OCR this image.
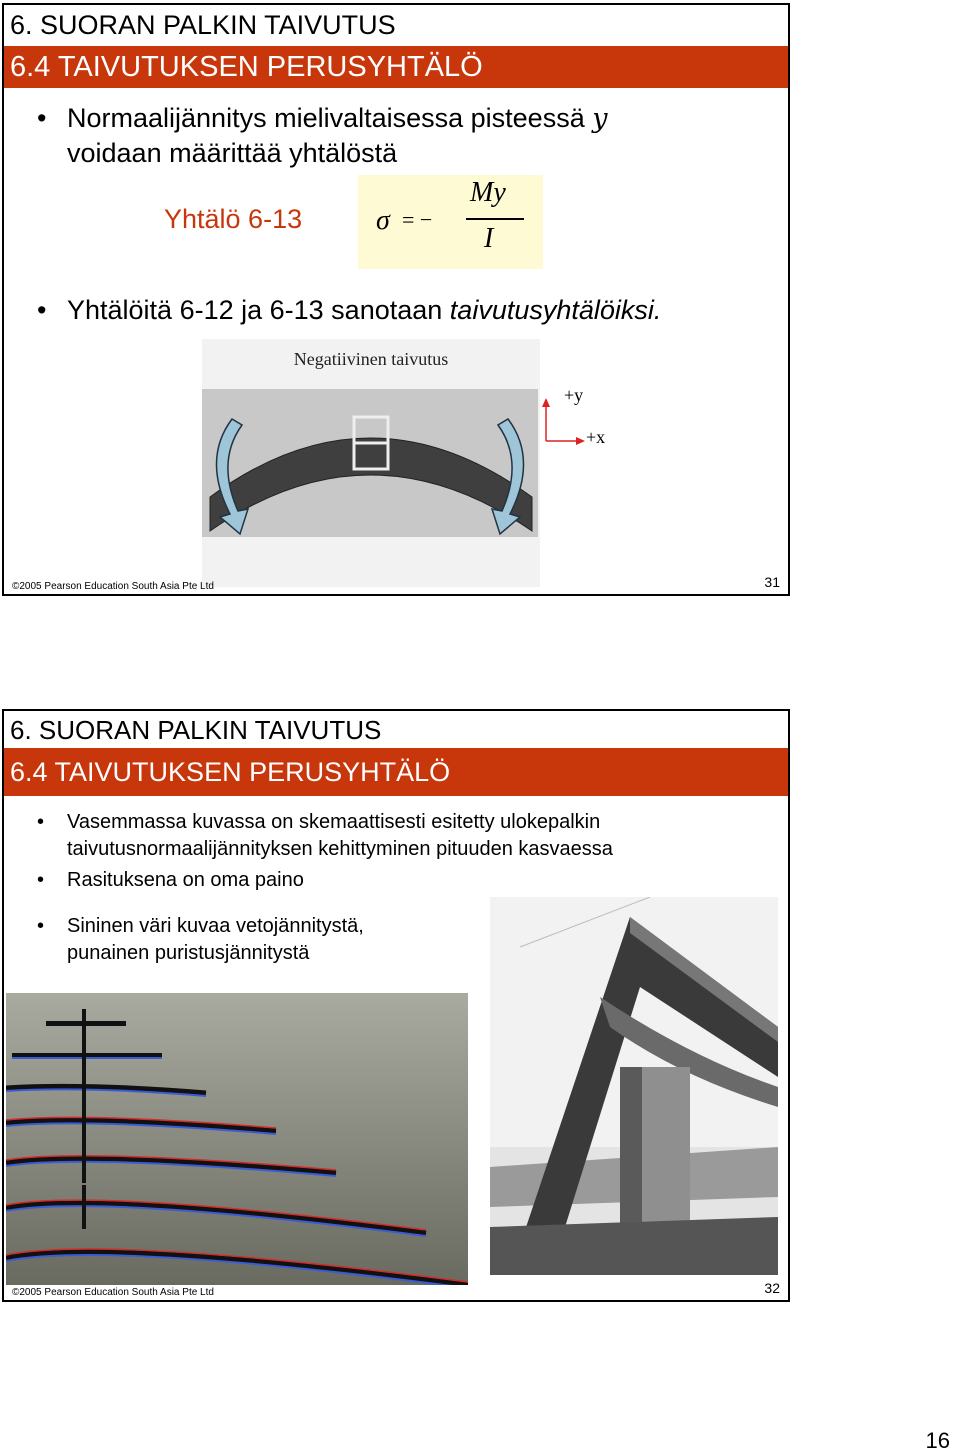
6. SUORAN PALKIN TAIVUTUS
6.4 TAIVUTUKSEN PERUSYHTÄLÖ
• Normaalijännitys mielivaltaisessa pisteessä y
voidaan määrittää yhtälöstä
Yhtälö 6-13	σ = −
My
I
• Yhtälöitä 6-12 ja 6-13 sanotaan taivutusyhtälöiksi.
Negatiivinen taivutus
+y
+x
©2005 Pearson Education South Asia Pte Ltd	31
6. SUORAN PALKIN TAIVUTUS
6.4 TAIVUTUKSEN PERUSYHTÄLÖ
• Vasemmassa kuvassa on skemaattisesti esitetty ulokepalkin taivutusnormaalijännityksen kehittyminen pituuden kasvaessa
• Rasituksena on oma paino
• Sininen väri kuvaa vetojännitystä, punainen puristusjännitystä
©2005 Pearson Education South Asia Pte Ltd	32
16
